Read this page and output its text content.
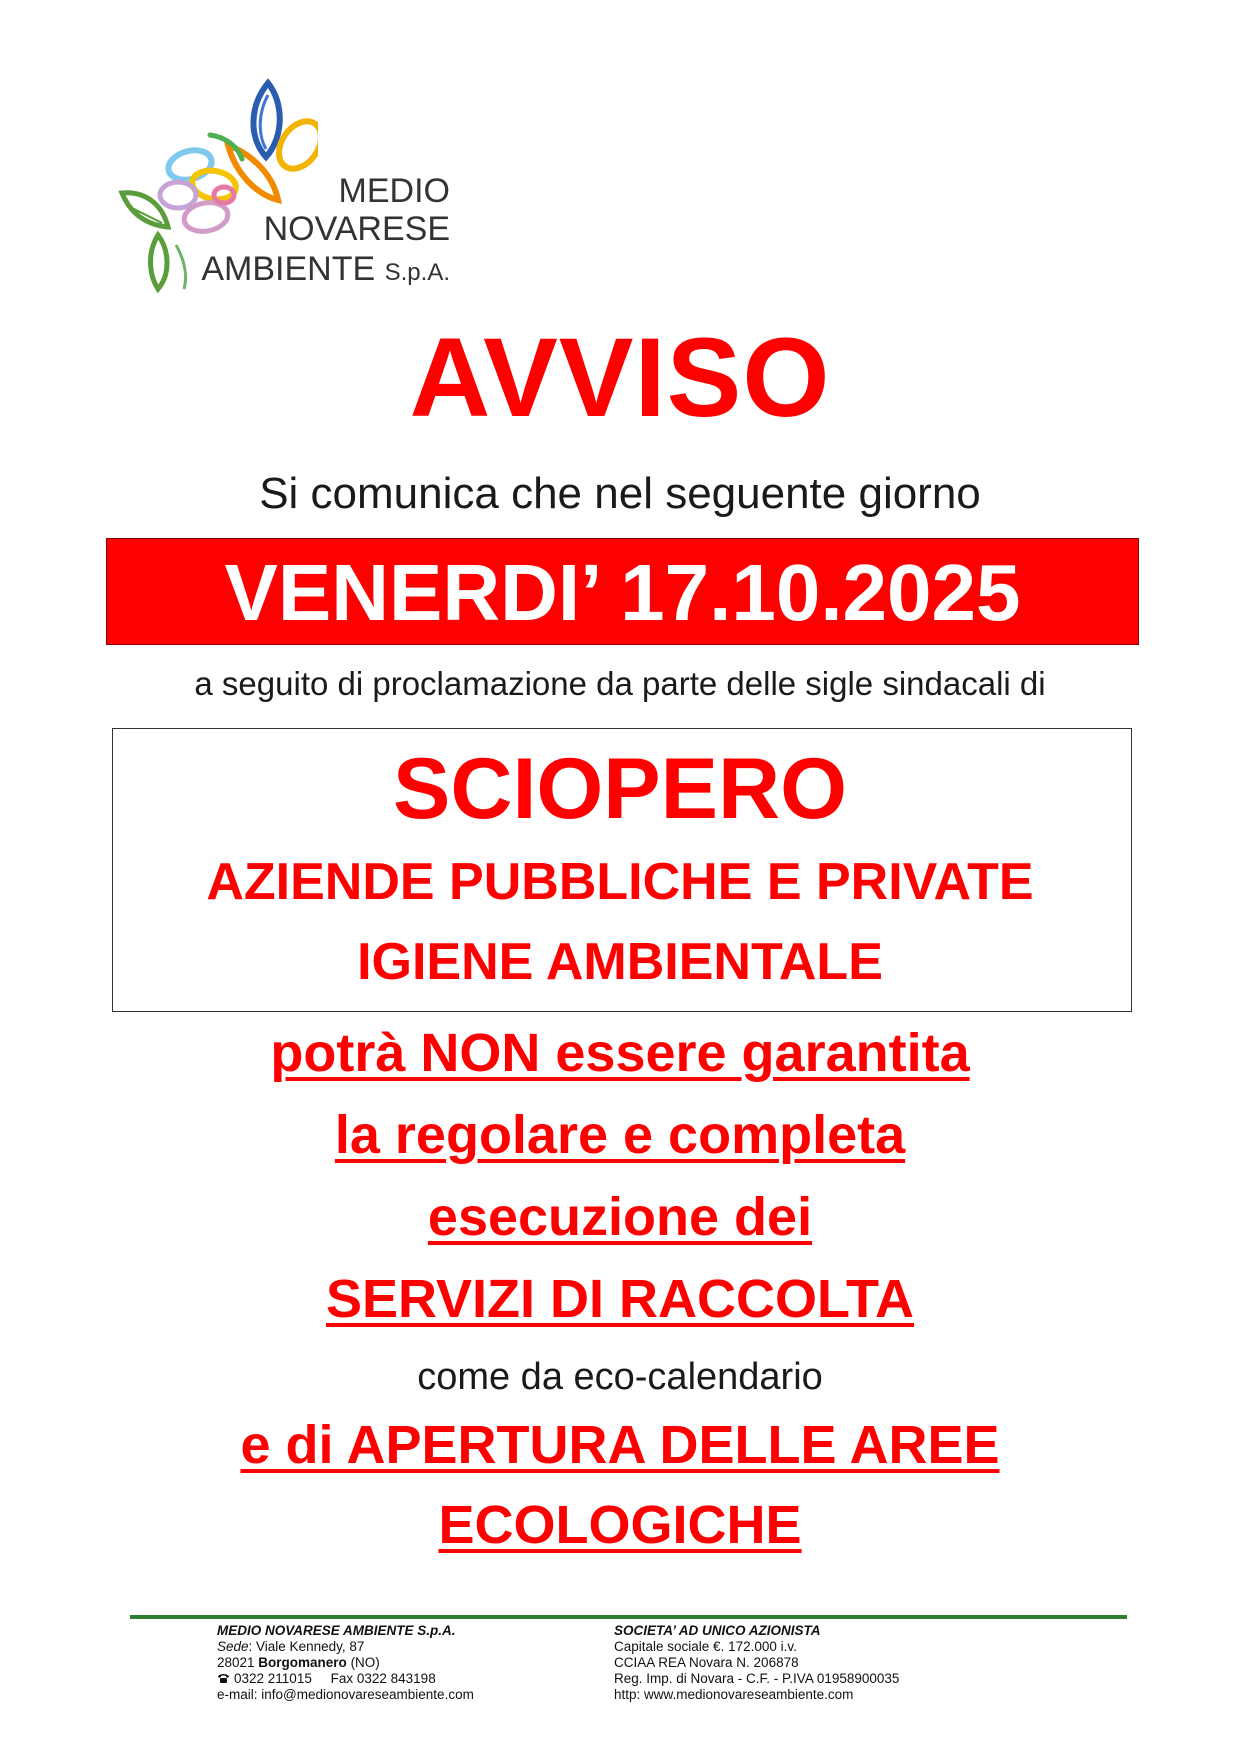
MEDIO
NOVARESE
AMBIENTE S.p.A.
AVVISO
Si comunica che nel seguente giorno
VENERDI’ 17.10.2025
a seguito di proclamazione da parte delle sigle sindacali di
SCIOPERO
AZIENDE PUBBLICHE E PRIVATE
IGIENE AMBIENTALE
potrà NON essere garantita
la regolare e completa
esecuzione dei
SERVIZI DI RACCOLTA
come da eco-calendario
e di APERTURA DELLE AREE
ECOLOGICHE
MEDIO NOVARESE AMBIENTE S.p.A.
Sede: Viale Kennedy, 87
28021 Borgomanero (NO)
0322 211015 Fax 0322 843198
e-mail: info@medionovareseambiente.com
SOCIETA’ AD UNICO AZIONISTA
Capitale sociale €. 172.000 i.v.
CCIAA REA Novara N. 206878
Reg. Imp. di Novara - C.F. - P.IVA 01958900035
http: www.medionovareseambiente.com
